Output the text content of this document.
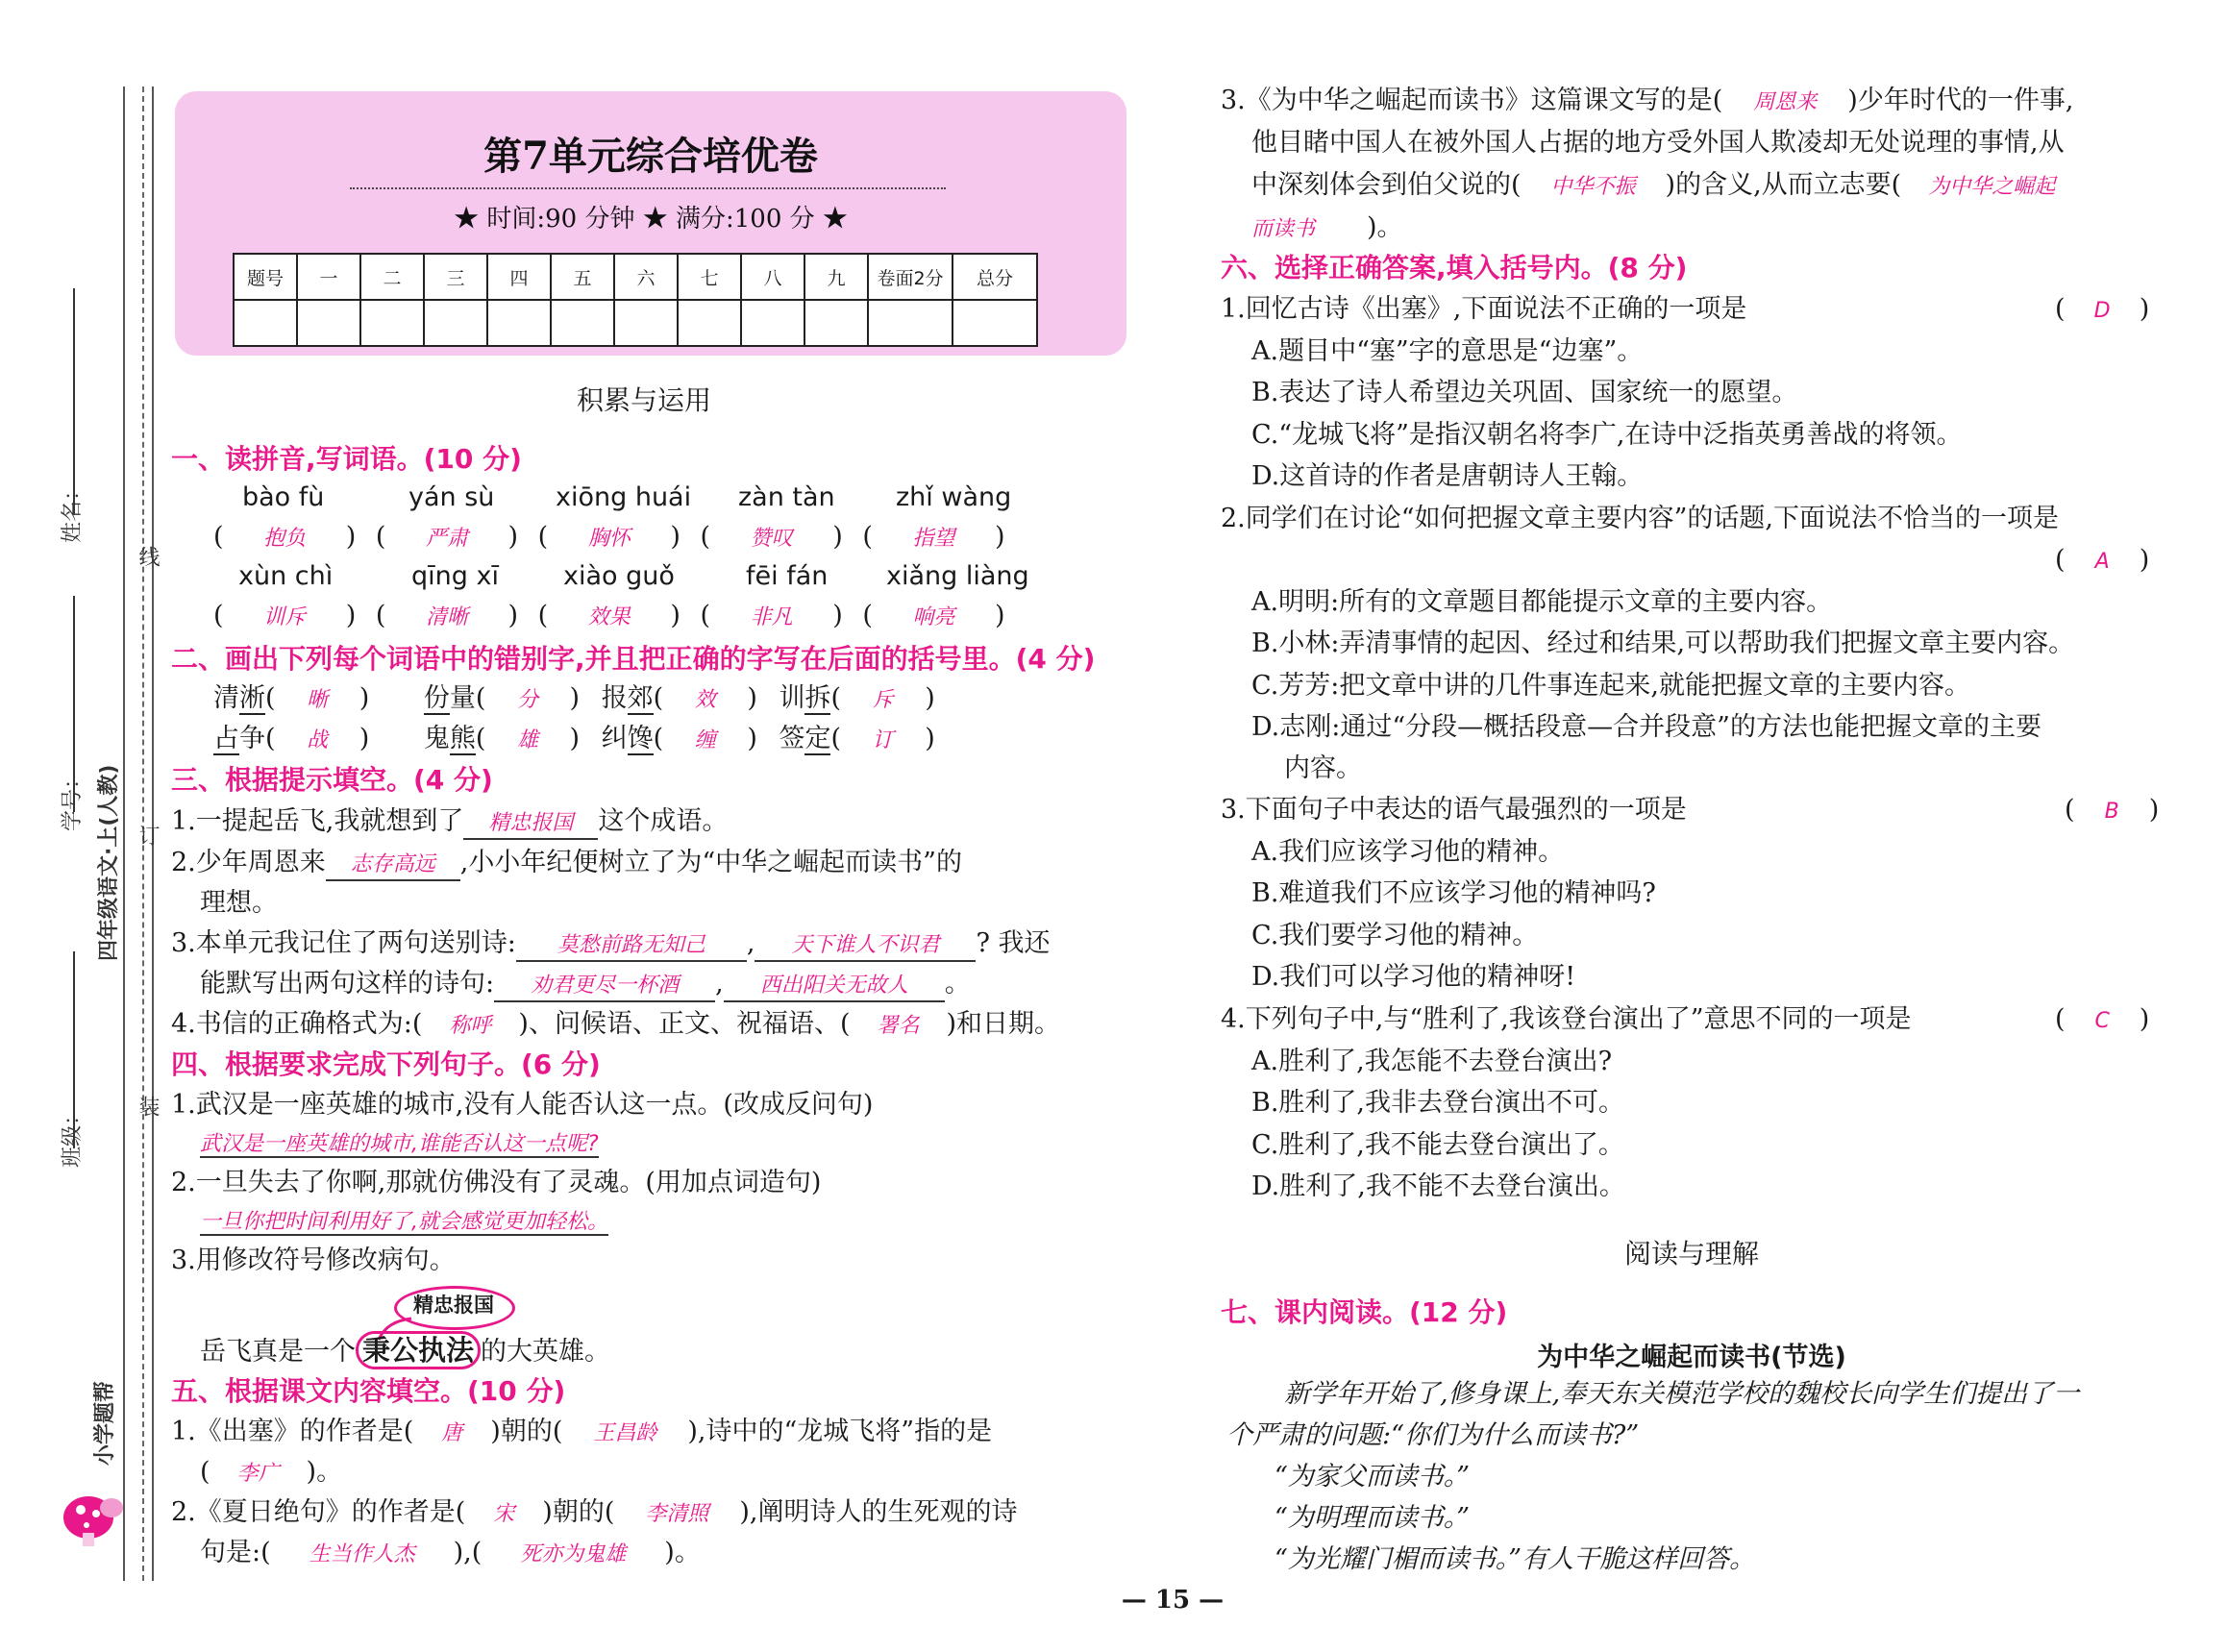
姓名：
学号：
班级：
四年级语文·上(人教)
小学题帮
线
订
装
第7单元综合培优卷
★ 时间:90 分钟 ★ 满分:100 分 ★
题号	一	二	三	四	五	六	七	八	九	卷面2分	总分

积累与运用
一、读拼音,写词语。(10 分)
bào fù	yán sù xiōng huái zàn tàn zhǐ wàng
( 抱负 ) ( 严肃 ) ( 胸怀 ) ( 赞叹 ) ( 指望 )
xùn chì	qīng xī xiào guǒ	fēi fán xiǎng liàng
( 训斥 ) ( 清晰 ) ( 效果 ) ( 非凡 ) ( 响亮 )
二、画出下列每个词语中的错别字,并且把正确的字写在后面的括号里。(4 分)
清淅( 晰 ) 份量( 分 ) 报郊( 效 ) 训拆( 斥 )
占争( 战 ) 鬼熊( 雄 ) 纠馋( 缠 ) 签定( 订 )
三、根据提示填空。(4 分)
1.一提起岳飞,我就想到了 精忠报国 这个成语。
2.少年周恩来 志存高远 ,小小年纪便树立了为“中华之崛起而读书”的
理想。
3.本单元我记住了两句送别诗: 莫愁前路无知己 , 天下谁人不识君 ? 我还
能默写出两句这样的诗句: 劝君更尽一杯酒 , 西出阳关无故人 。
4.书信的正确格式为:( 称呼 )、问候语、正文、祝福语、( 署名 )和日期。
四、根据要求完成下列句子。(6 分)
1.武汉是一座英雄的城市,没有人能否认这一点。(改成反问句)
武汉是一座英雄的城市,谁能否认这一点呢?
2.一旦失去了你啊,那就仿佛没有了灵魂。(用加点词造句)
一旦你把时间利用好了,就会感觉更加轻松。
3.用修改符号修改病句。
精忠报国
岳飞真是一个 秉公执法 的大英雄。
五、根据课文内容填空。(10 分)
1.《出塞》的作者是( 唐 )朝的( 王昌龄 ),诗中的“龙城飞将”指的是
( 李广 )。
2.《夏日绝句》的作者是( 宋 )朝的( 李清照 ),阐明诗人的生死观的诗
句是:( 生当作人杰 ),( 死亦为鬼雄 )。
3.《为中华之崛起而读书》这篇课文写的是( 周恩来 )少年时代的一件事,
他目睹中国人在被外国人占据的地方受外国人欺凌却无处说理的事情,从
中深刻体会到伯父说的( 中华不振 )的含义,从而立志要( 为中华之崛起
而读书 )。
六、选择正确答案,填入括号内。(8 分)
1.回忆古诗《出塞》,下面说法不正确的一项是	( D )
A.题目中“塞”字的意思是“边塞”。
B.表达了诗人希望边关巩固、国家统一的愿望。
C.“龙城飞将”是指汉朝名将李广,在诗中泛指英勇善战的将领。
D.这首诗的作者是唐朝诗人王翰。
2.同学们在讨论“如何把握文章主要内容”的话题,下面说法不恰当的一项是
( A )
A.明明:所有的文章题目都能提示文章的主要内容。
B.小林:弄清事情的起因、经过和结果,可以帮助我们把握文章主要内容。
C.芳芳:把文章中讲的几件事连起来,就能把握文章的主要内容。
D.志刚:通过“分段—概括段意—合并段意”的方法也能把握文章的主要
内容。
3.下面句子中表达的语气最强烈的一项是	( B )
A.我们应该学习他的精神。
B.难道我们不应该学习他的精神吗?
C.我们要学习他的精神。
D.我们可以学习他的精神呀!
4.下列句子中,与“胜利了,我该登台演出了”意思不同的一项是	( C )
A.胜利了,我怎能不去登台演出?
B.胜利了,我非去登台演出不可。
C.胜利了,我不能去登台演出了。
D.胜利了,我不能不去登台演出。
阅读与理解
七、课内阅读。(12 分)
为中华之崛起而读书(节选)
新学年开始了,修身课上,奉天东关模范学校的魏校长向学生们提出了一
个严肃的问题:“你们为什么而读书?”
“为家父而读书。”
“为明理而读书。”
“为光耀门楣而读书。”有人干脆这样回答。
— 15 —
